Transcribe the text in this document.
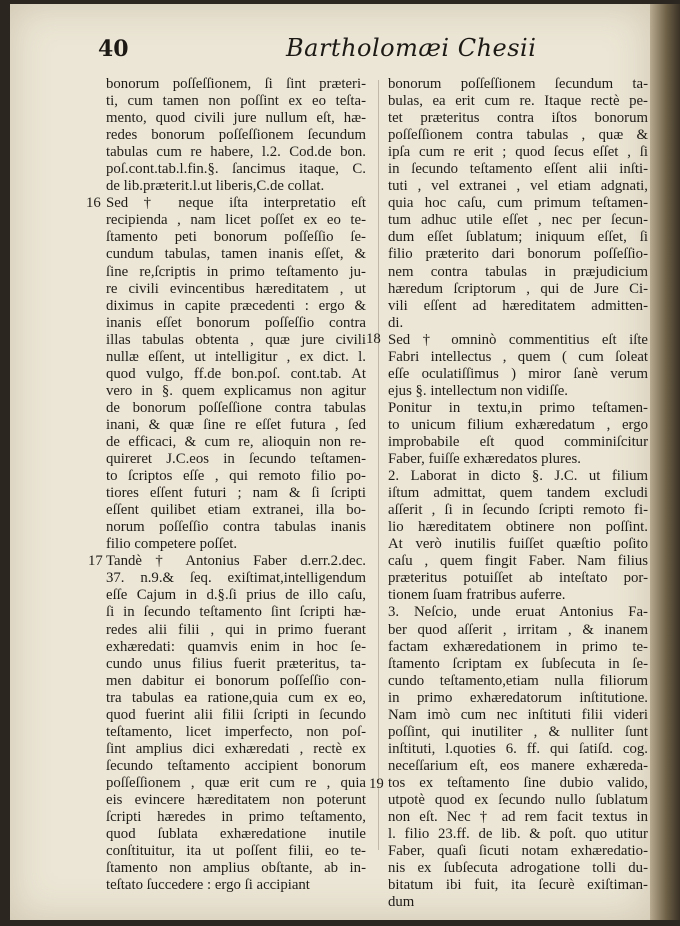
40	Bartholomæi Chesii
16
17
18
19
bonorum poſſeſſionem, ſi ſint præteri-
ti, cum tamen non poſſint ex eo teſta-
mento, quod civili jure nullum eſt, hæ-
redes bonorum poſſeſſionem ſecundum
tabulas cum re habere, l.2. Cod.de bon.
poſ.cont.tab.l.fin.§. ſancimus itaque, C.
de lib.præterit.l.ut liberis,C.de collat.
Sed † neque iſta interpretatio eſt
recipienda , nam licet poſſet ex eo te-
ſtamento peti bonorum poſſeſſio ſe-
cundum tabulas, tamen inanis eſſet, &
ſine re,ſcriptis in primo teſtamento ju-
re civili evincentibus hæreditatem , ut
diximus in capite præcedenti : ergo &
inanis eſſet bonorum poſſeſſio contra
illas tabulas obtenta , quæ jure civili
nullæ eſſent, ut intelligitur , ex dict. l.
quod vulgo, ff.de bon.poſ. cont.tab. At
vero in §. quem explicamus non agitur
de bonorum poſſeſſione contra tabulas
inani, & quæ ſine re eſſet futura , ſed
de efficaci, & cum re, alioquin non re-
quireret J.C.eos in ſecundo teſtamen-
to ſcriptos eſſe , qui remoto filio po-
tiores eſſent futuri ; nam & ſi ſcripti
eſſent quilibet etiam extranei, illa bo-
norum poſſeſſio contra tabulas inanis
filio competere poſſet.
Tandè † Antonius Faber d.err.2.dec.
37. n.9.& ſeq. exiſtimat,intelligendum
eſſe Cajum in d.§.ſi prius de illo caſu,
ſi in ſecundo teſtamento ſint ſcripti hæ-
redes alii filii , qui in primo fuerant
exhæredati: quamvis enim in hoc ſe-
cundo unus filius fuerit præteritus, ta-
men dabitur ei bonorum poſſeſſio con-
tra tabulas ea ratione,quia cum ex eo,
quod fuerint alii filii ſcripti in ſecundo
teſtamento, licet imperfecto, non poſ-
ſint amplius dici exhæredati , rectè ex
ſecundo teſtamento accipient bonorum
poſſeſſionem , quæ erit cum re , quia
eis evincere hæreditatem non poterunt
ſcripti hæredes in primo teſtamento,
quod ſublata exhæredatione inutile
conſtituitur, ita ut poſſent filii, eo te-
ſtamento non amplius obſtante, ab in-
teſtato ſuccedere : ergo ſi accipiant
bonorum poſſeſſionem ſecundum ta-
bulas, ea erit cum re. Itaque rectè pe-
tet præteritus contra iſtos bonorum
poſſeſſionem contra tabulas , quæ &
ipſa cum re erit ; quod ſecus eſſet , ſi
in ſecundo teſtamento eſſent alii inſti-
tuti , vel extranei , vel etiam adgnati,
quia hoc caſu, cum primum teſtamen-
tum adhuc utile eſſet , nec per ſecun-
dum eſſet ſublatum; iniquum eſſet, ſi
filio præterito dari bonorum poſſeſſio-
nem contra tabulas in præjudicium
hæredum ſcriptorum , qui de Jure Ci-
vili eſſent ad hæreditatem admitten-
di.
Sed † omninò commentitius eſt iſte
Fabri intellectus , quem ( cum ſoleat
eſſe oculatiſſimus ) miror ſanè verum
ejus §. intellectum non vidiſſe.
Ponitur in textu,in primo teſtamen-
to unicum filium exhæredatum , ergo
improbabile eſt quod comminiſcitur
Faber, fuiſſe exhæredatos plures.
2. Laborat in dicto §. J.C. ut filium
iſtum admittat, quem tandem excludi
aſſerit , ſi in ſecundo ſcripti remoto fi-
lio hæreditatem obtinere non poſſint.
At verò inutilis fuiſſet quæſtio poſito
caſu , quem fingit Faber. Nam filius
præteritus potuiſſet ab inteſtato por-
tionem ſuam fratribus auferre.
3. Neſcio, unde eruat Antonius Fa-
ber quod aſſerit , irritam , & inanem
factam exhæredationem in primo te-
ſtamento ſcriptam ex ſubſecuta in ſe-
cundo teſtamento,etiam nulla filiorum
in primo exhæredatorum inſtitutione.
Nam imò cum nec inſtituti filii videri
poſſint, qui inutiliter , & nulliter ſunt
inſtituti, l.quoties 6. ff. qui ſatiſd. cog.
neceſſarium eſt, eos manere exhæreda-
tos ex teſtamento ſine dubio valido,
utpotè quod ex ſecundo nullo ſublatum
non eſt. Nec † ad rem facit textus in
l. filio 23.ff. de lib. & poſt. quo utitur
Faber, quaſi ſicuti notam exhæredatio-
nis ex ſubſecuta adrogatione tolli du-
bitatum ibi fuit, ita ſecurè exiſtiman-
dum
